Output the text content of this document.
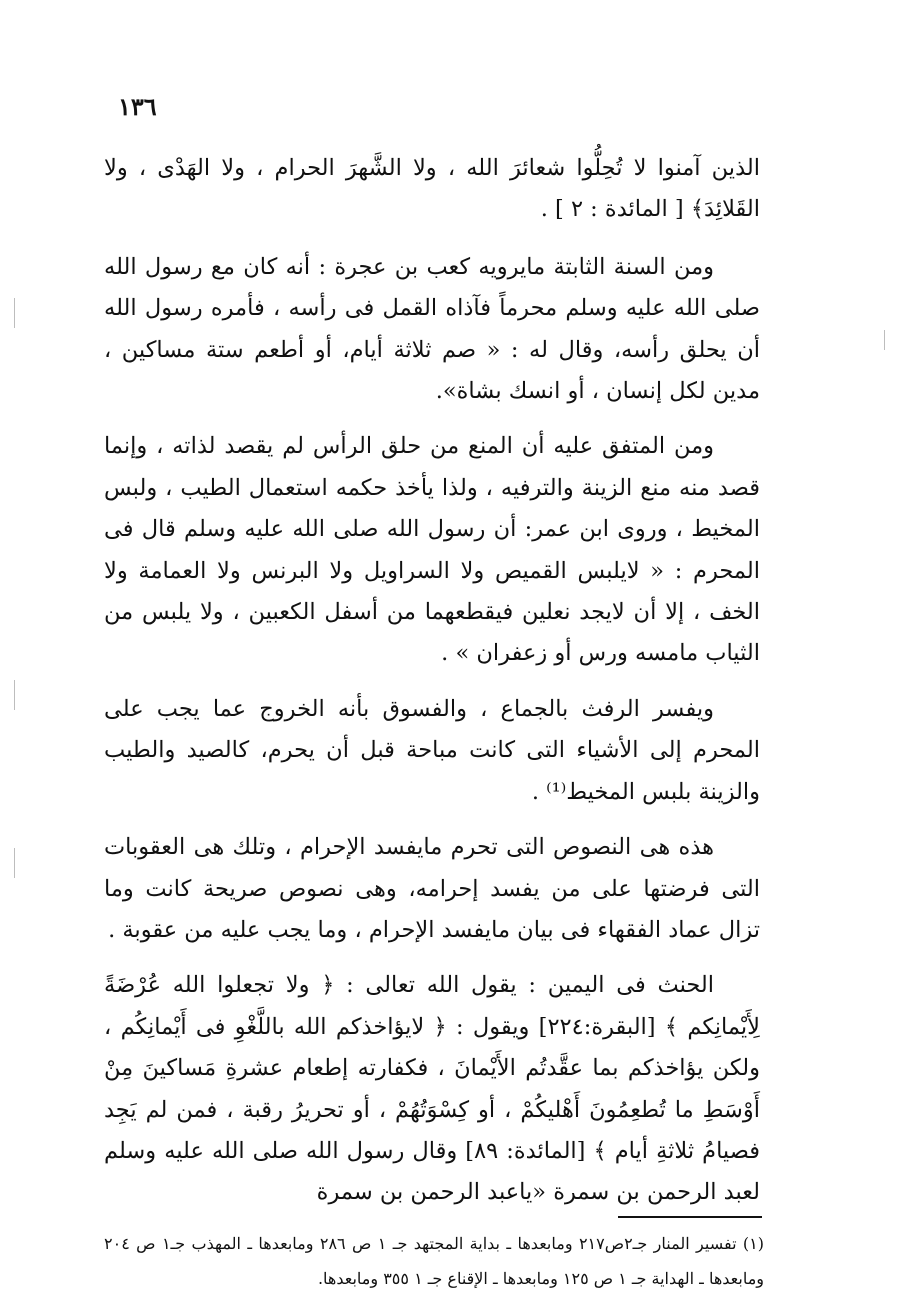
١٣٦

الذين آمنوا لا تُحِلُّوا شعائرَ الله ، ولا الشَّهرَ الحرام ، ولا الهَدْى ، ولا القَلائِدَ﴾ [ المائدة : ٢ ] .

ومن السنة الثابتة مايرويه كعب بن عجرة : أنه كان مع رسول الله صلى الله عليه وسلم محرماً فآذاه القمل فى رأسه ، فأمره رسول الله أن يحلق رأسه، وقال له : « صم ثلاثة أيام، أو أطعم ستة مساكين ، مدين لكل إنسان ، أو انسك بشاة».

ومن المتفق عليه أن المنع من حلق الرأس لم يقصد لذاته ، وإنما قصد منه منع الزينة والترفيه ، ولذا يأخذ حكمه استعمال الطيب ، ولبس المخيط ، وروى ابن عمر: أن رسول الله صلى الله عليه وسلم قال فى المحرم : « لايلبس القميص ولا السراويل ولا البرنس ولا العمامة ولا الخف ، إلا أن لايجد نعلين فيقطعهما من أسفل الكعبين ، ولا يلبس من الثياب مامسه ورس أو زعفران » .

ويفسر الرفث بالجماع ، والفسوق بأنه الخروج عما يجب على المحرم إلى الأشياء التى كانت مباحة قبل أن يحرم، كالصيد والطيب والزينة بلبس المخيط⁽¹⁾ .

هذه هى النصوص التى تحرم مايفسد الإحرام ، وتلك هى العقوبات التى فرضتها على من يفسد إحرامه، وهى نصوص صريحة كانت وما تزال عماد الفقهاء فى بيان مايفسد الإحرام ، وما يجب عليه من عقوبة .

الحنث فى اليمين : يقول الله تعالى : ﴿ ولا تجعلوا الله عُرْضَةً لِأَيْمانِكم ﴾ [البقرة:٢٢٤] ويقول : ﴿ لايؤاخذكم الله باللَّغْوِ فى أَيْمانِكُم ، ولكن يؤاخذكم بما عقَّدتُم الأَيْمانَ ، فكفارته إطعام عشرةِ مَساكينَ مِنْ أَوْسَطِ ما تُطعِمُونَ أَهْليكُمْ ، أو كِسْوَتُهُمْ ، أو تحريرُ رقبة ، فمن لم يَجِد فصيامُ ثلاثةِ أيام ﴾ [المائدة: ٨٩] وقال رسول الله صلى الله عليه وسلم لعبد الرحمن بن سمرة «ياعبد الرحمن بن سمرة

(١) تفسير المنار جـ٢ص٢١٧ ومابعدها ـ بداية المجتهد جـ ١ ص ٢٨٦ ومابعدها ـ المهذب جـ١ ص ٢٠٤ ومابعدها ـ الهداية جـ ١ ص ١٢٥ ومابعدها ـ الإقناع جـ ١ ٣٥٥ ومابعدها.
